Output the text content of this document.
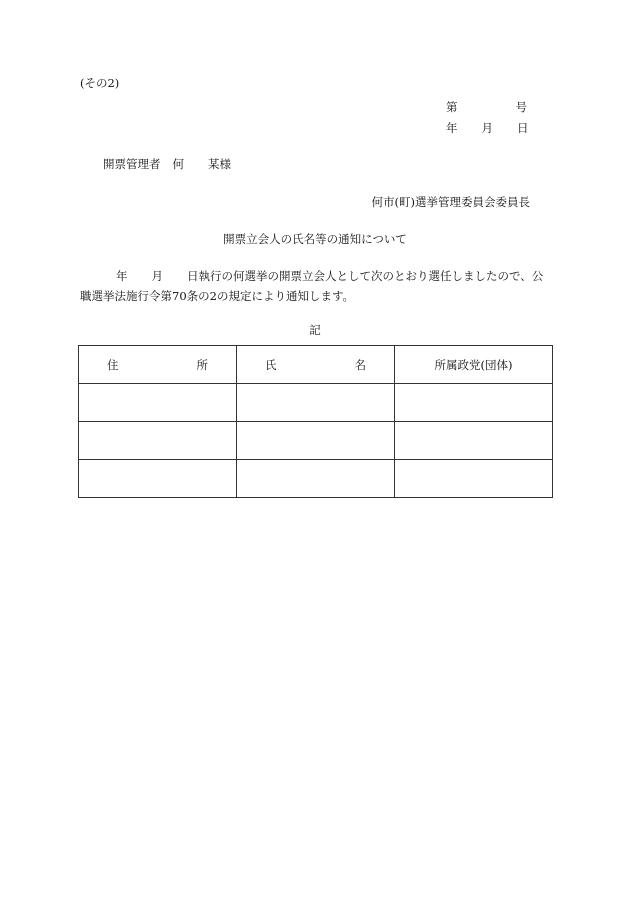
(その2)
第	号
年 月 日
開票管理者 何 某様
何市(町)選挙管理委員会委員長
開票立会人の氏名等の通知について
年 月 日執行の何選挙の開票立会人として次のとおり選任しましたので、公
職選挙法施行令第70条の2の規定により通知します。
記
住 所	氏 名	所属政党(団体)
